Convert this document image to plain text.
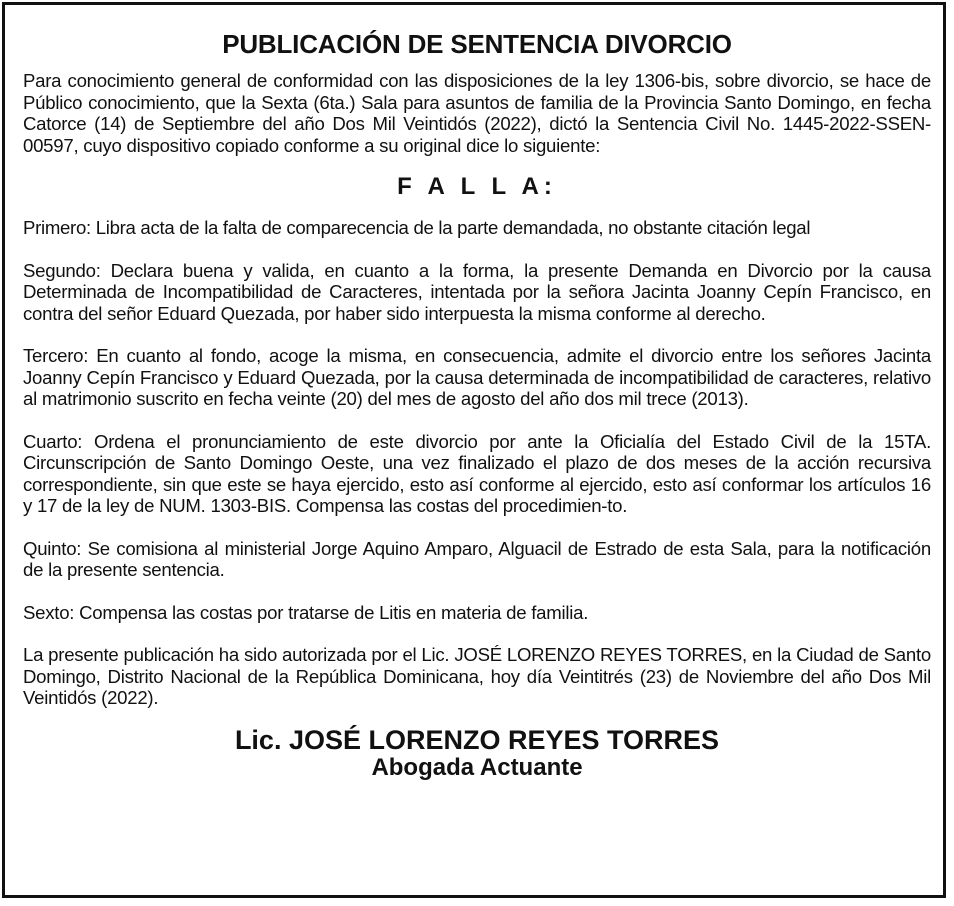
PUBLICACIÓN DE SENTENCIA DIVORCIO

Para conocimiento general de conformidad con las disposiciones de la ley 1306-bis, sobre divorcio, se hace de Público conocimiento, que la Sexta (6ta.) Sala para asuntos de familia de la Provincia Santo Domingo, en fecha Catorce (14) de Septiembre del año Dos Mil Veintidós (2022), dictó la Sentencia Civil No. 1445-2022-SSEN-00597, cuyo dispositivo copiado conforme a su original dice lo siguiente:

F A L L A:

Primero: Libra acta de la falta de comparecencia de la parte demandada, no obstante citación legal

Segundo: Declara buena y valida, en cuanto a la forma, la presente Demanda en Divorcio por la causa Determinada de Incompatibilidad de Caracteres, intentada por la señora Jacinta Joanny Cepín Francisco, en contra del señor Eduard Quezada, por haber sido interpuesta la misma conforme al derecho.

Tercero: En cuanto al fondo, acoge la misma, en consecuencia, admite el divorcio entre los señores Jacinta Joanny Cepín Francisco y Eduard Quezada, por la causa determinada de incompatibilidad de caracteres, relativo al matrimonio suscrito en fecha veinte (20) del mes de agosto del año dos mil trece (2013).

Cuarto: Ordena el pronunciamiento de este divorcio por ante la Oficialía del Estado Civil de la 15TA. Circunscripción de Santo Domingo Oeste, una vez finalizado el plazo de dos meses de la acción recursiva correspondiente, sin que este se haya ejercido, esto así conforme al ejercido, esto así conformar los artículos 16 y 17 de la ley de NUM. 1303-BIS. Compensa las costas del procedimien-to.

Quinto: Se comisiona al ministerial Jorge Aquino Amparo, Alguacil de Estrado de esta Sala, para la notificación de la presente sentencia.

Sexto: Compensa las costas por tratarse de Litis en materia de familia.

La presente publicación ha sido autorizada por el Lic. JOSÉ LORENZO REYES TORRES, en la Ciudad de Santo Domingo, Distrito Nacional de la República Dominicana, hoy día Veintitrés (23) de Noviembre del año Dos Mil Veintidós (2022).

Lic. JOSÉ LORENZO REYES TORRES
Abogada Actuante
